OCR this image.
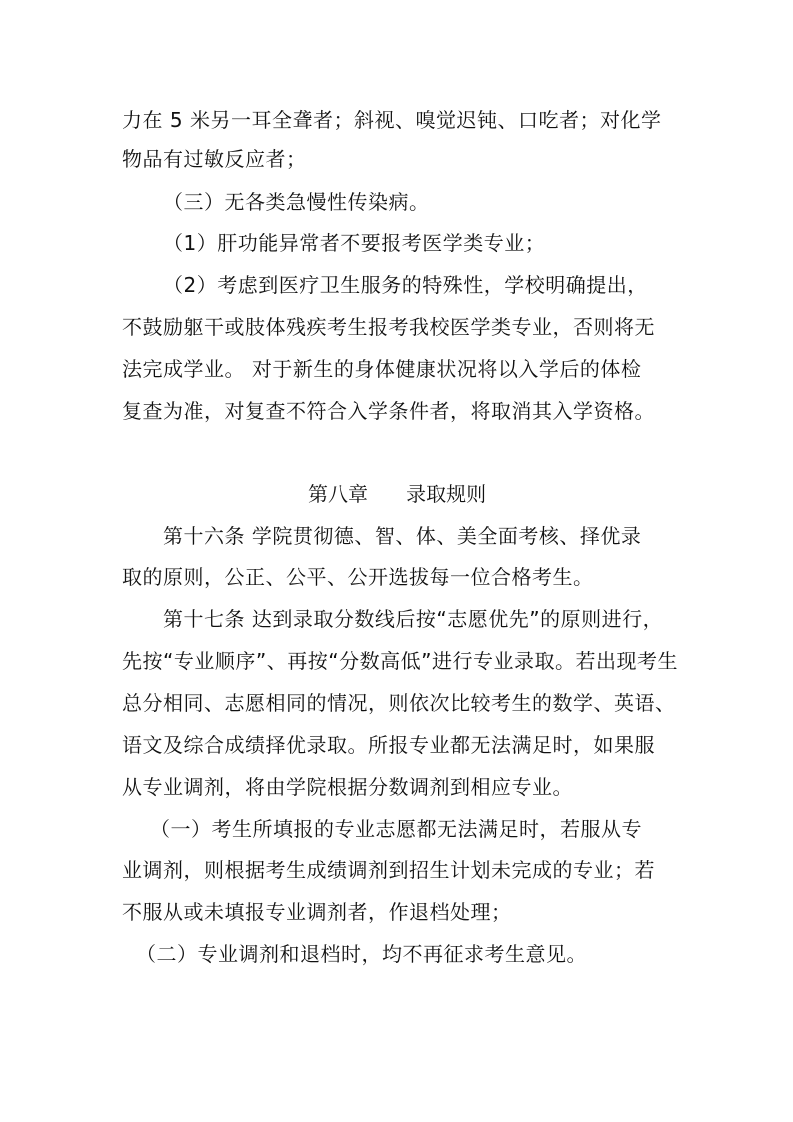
力在 5 米另一耳全聋者；斜视、嗅觉迟钝、口吃者；对化学
物品有过敏反应者；
（三）无各类急慢性传染病。
（1）肝功能异常者不要报考医学类专业；
（2）考虑到医疗卫生服务的特殊性，学校明确提出，
不鼓励躯干或肢体残疾考生报考我校医学类专业，否则将无
法完成学业。 对于新生的身体健康状况将以入学后的体检
复查为准，对复查不符合入学条件者，将取消其入学资格。
第八章      录取规则
第十六条 学院贯彻德、智、体、美全面考核、择优录
取的原则，公正、公平、公开选拔每一位合格考生。
第十七条 达到录取分数线后按“志愿优先”的原则进行，
先按“专业顺序”、再按“分数高低”进行专业录取。若出现考生
总分相同、志愿相同的情况，则依次比较考生的数学、英语、
语文及综合成绩择优录取。所报专业都无法满足时，如果服
从专业调剂，将由学院根据分数调剂到相应专业。
（一）考生所填报的专业志愿都无法满足时，若服从专
业调剂，则根据考生成绩调剂到招生计划未完成的专业；若
不服从或未填报专业调剂者，作退档处理；
（二）专业调剂和退档时，均不再征求考生意见。
